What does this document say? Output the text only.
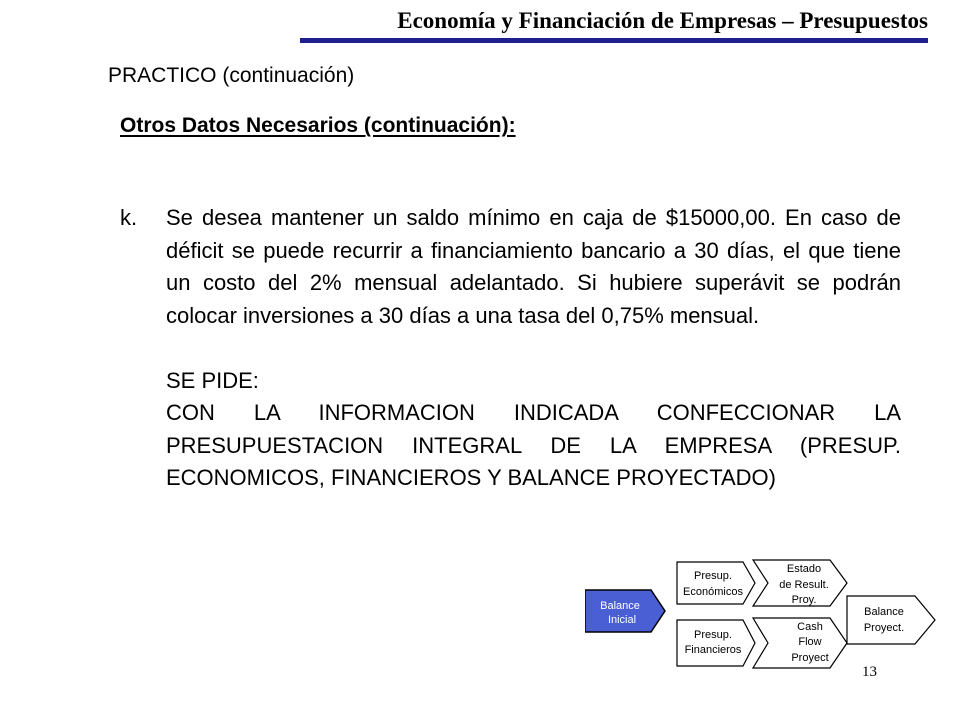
Economía y Financiación de Empresas – Presupuestos
PRACTICO (continuación)
Otros Datos Necesarios (continuación):
k. Se desea mantener un saldo mínimo en caja de $15000,00. En caso de déficit se puede recurrir a financiamiento bancario a 30 días, el que tiene un costo del 2% mensual adelantado. Si hubiere superávit se podrán colocar inversiones a 30 días a una tasa del 0,75% mensual.

SE PIDE:

CON LA INFORMACION INDICADA CONFECCIONAR LA PRESUPUESTACION INTEGRAL DE LA EMPRESA (PRESUP. ECONOMICOS, FINANCIEROS Y BALANCE PROYECTADO)

Balance
Inicial
Presup.
Económicos
Presup.
Financieros
Estado
de Result.
Proy.
Cash
Flow
Proyect
Balance
Proyect.
13
